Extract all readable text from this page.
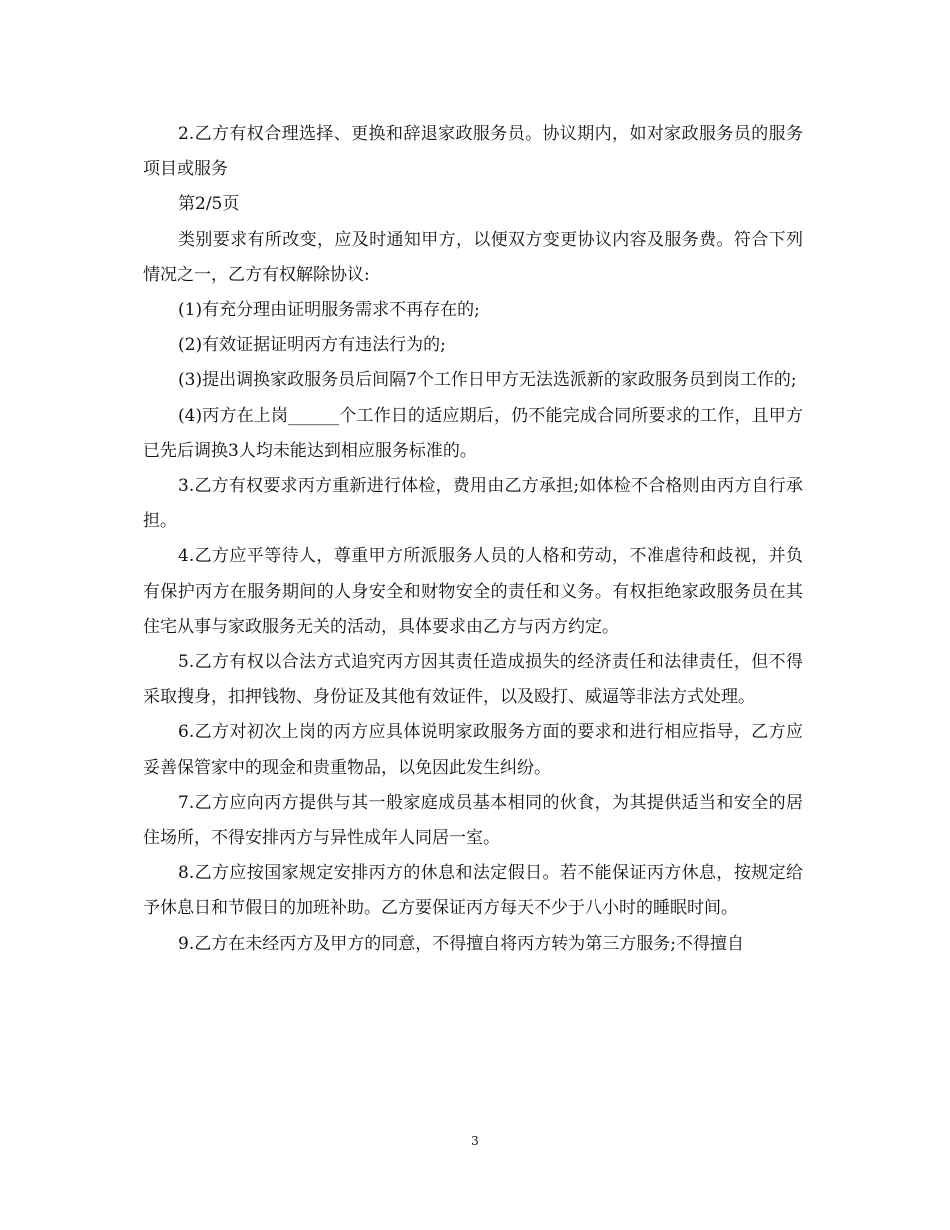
2.乙方有权合理选择、更换和辞退家政服务员。协议期内，如对家政服务员的服务项目或服务

第2/5页

类别要求有所改变，应及时通知甲方，以便双方变更协议内容及服务费。符合下列情况之一，乙方有权解除协议:

(1)有充分理由证明服务需求不再存在的;

(2)有效证据证明丙方有违法行为的;

(3)提出调换家政服务员后间隔7个工作日甲方无法选派新的家政服务员到岗工作的;

(4)丙方在上岗______个工作日的适应期后，仍不能完成合同所要求的工作，且甲方已先后调换3人均未能达到相应服务标准的。

3.乙方有权要求丙方重新进行体检，费用由乙方承担;如体检不合格则由丙方自行承担。

4.乙方应平等待人，尊重甲方所派服务人员的人格和劳动，不准虐待和歧视，并负有保护丙方在服务期间的人身安全和财物安全的责任和义务。有权拒绝家政服务员在其住宅从事与家政服务无关的活动，具体要求由乙方与丙方约定。

5.乙方有权以合法方式追究丙方因其责任造成损失的经济责任和法律责任，但不得采取搜身，扣押钱物、身份证及其他有效证件，以及殴打、威逼等非法方式处理。

6.乙方对初次上岗的丙方应具体说明家政服务方面的要求和进行相应指导，乙方应妥善保管家中的现金和贵重物品，以免因此发生纠纷。

7.乙方应向丙方提供与其一般家庭成员基本相同的伙食，为其提供适当和安全的居住场所，不得安排丙方与异性成年人同居一室。

8.乙方应按国家规定安排丙方的休息和法定假日。若不能保证丙方休息，按规定给予休息日和节假日的加班补助。乙方要保证丙方每天不少于八小时的睡眠时间。

9.乙方在未经丙方及甲方的同意，不得擅自将丙方转为第三方服务;不得擅自

3
